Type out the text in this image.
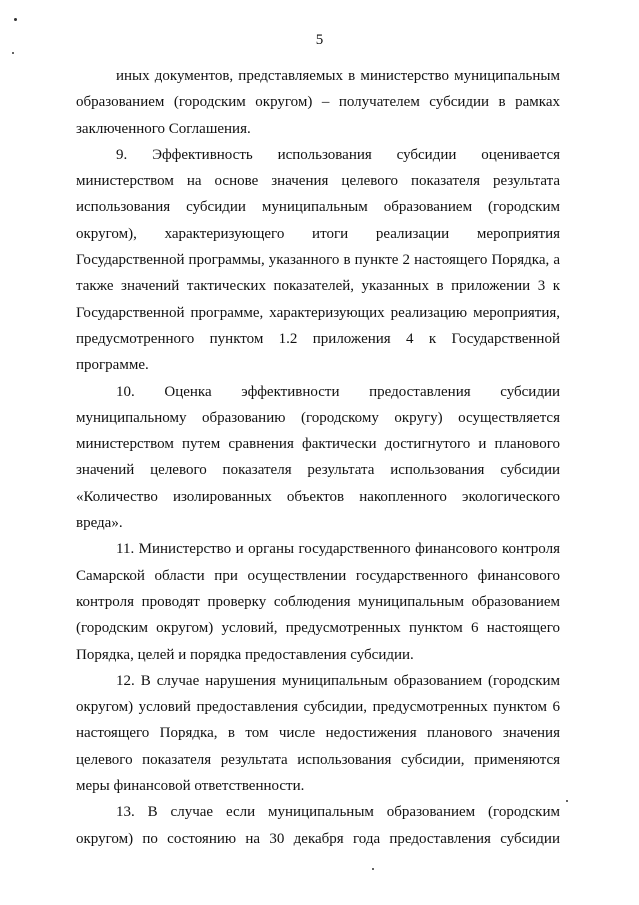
5
иных документов, представляемых в министерство муниципальным
образованием (городским округом) – получателем субсидии в рамках
заключенного Соглашения.
9. Эффективность использования субсидии оценивается
министерством на основе значения целевого показателя результата
использования субсидии муниципальным образованием (городским
округом), характеризующего итоги реализации мероприятия
Государственной программы, указанного в пункте 2 настоящего Порядка, а
также значений тактических показателей, указанных в приложении 3 к
Государственной программе, характеризующих реализацию мероприятия,
предусмотренного пунктом 1.2 приложения 4 к Государственной
программе.
10. Оценка эффективности предоставления субсидии
муниципальному образованию (городскому округу) осуществляется
министерством путем сравнения фактически достигнутого и планового
значений целевого показателя результата использования субсидии
«Количество изолированных объектов накопленного экологического
вреда».
11. Министерство и органы государственного финансового контроля
Самарской области при осуществлении государственного финансового
контроля проводят проверку соблюдения муниципальным образованием
(городским округом) условий, предусмотренных пунктом 6 настоящего
Порядка, целей и порядка предоставления субсидии.
12. В случае нарушения муниципальным образованием (городским
округом) условий предоставления субсидии, предусмотренных пунктом 6
настоящего Порядка, в том числе недостижения планового значения
целевого показателя результата использования субсидии, применяются
меры финансовой ответственности.
13. В случае если муниципальным образованием (городским
округом) по состоянию на 30 декабря года предоставления субсидии
